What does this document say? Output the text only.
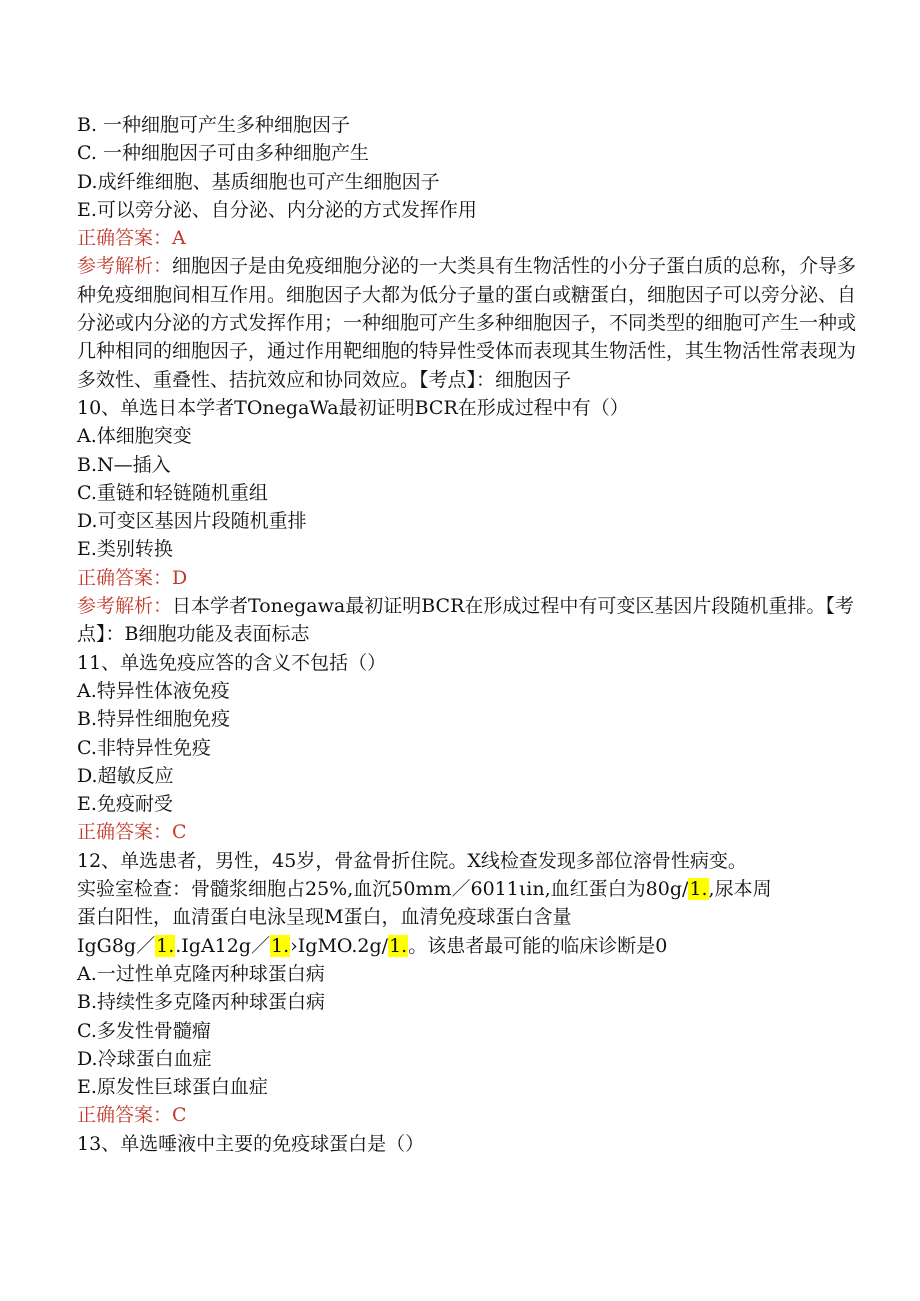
B. 一种细胞可产生多种细胞因子
C. 一种细胞因子可由多种细胞产生
D.成纤维细胞、基质细胞也可产生细胞因子
E.可以旁分泌、自分泌、内分泌的方式发挥作用
正确答案：A
参考解析：细胞因子是由免疫细胞分泌的一大类具有生物活性的小分子蛋白质的总称，介导多种免疫细胞间相互作用。细胞因子大都为低分子量的蛋白或糖蛋白，细胞因子可以旁分泌、自分泌或内分泌的方式发挥作用；一种细胞可产生多种细胞因子，不同类型的细胞可产生一种或几种相同的细胞因子，通过作用靶细胞的特异性受体而表现其生物活性，其生物活性常表现为多效性、重叠性、拮抗效应和协同效应。【考点】：细胞因子
10、单选日本学者TOnegaWa最初证明BCR在形成过程中有（）
A.体细胞突变
B.N—插入
C.重链和轻链随机重组
D.可变区基因片段随机重排
E.类别转换
正确答案：D
参考解析：日本学者Tonegawa最初证明BCR在形成过程中有可变区基因片段随机重排。【考点】：B细胞功能及表面标志
11、单选免疫应答的含义不包括（）
A.特异性体液免疫
B.特异性细胞免疫
C.非特异性免疫
D.超敏反应
E.免疫耐受
正确答案：C
12、单选患者，男性，45岁，骨盆骨折住院。X线检查发现多部位溶骨性病变。
实验室检查：骨髓浆细胞占25%,血沉50mm／6011ιin,血红蛋白为80g/1.,尿本周
蛋白阳性，血清蛋白电泳呈现M蛋白，血清免疫球蛋白含量
IgG8g／1..IgA12g／1.›IgMO.2g/1.。该患者最可能的临床诊断是0
A.一过性单克隆丙种球蛋白病
B.持续性多克隆丙种球蛋白病
C.多发性骨髓瘤
D.冷球蛋白血症
E.原发性巨球蛋白血症
正确答案：C
13、单选唾液中主要的免疫球蛋白是（）
